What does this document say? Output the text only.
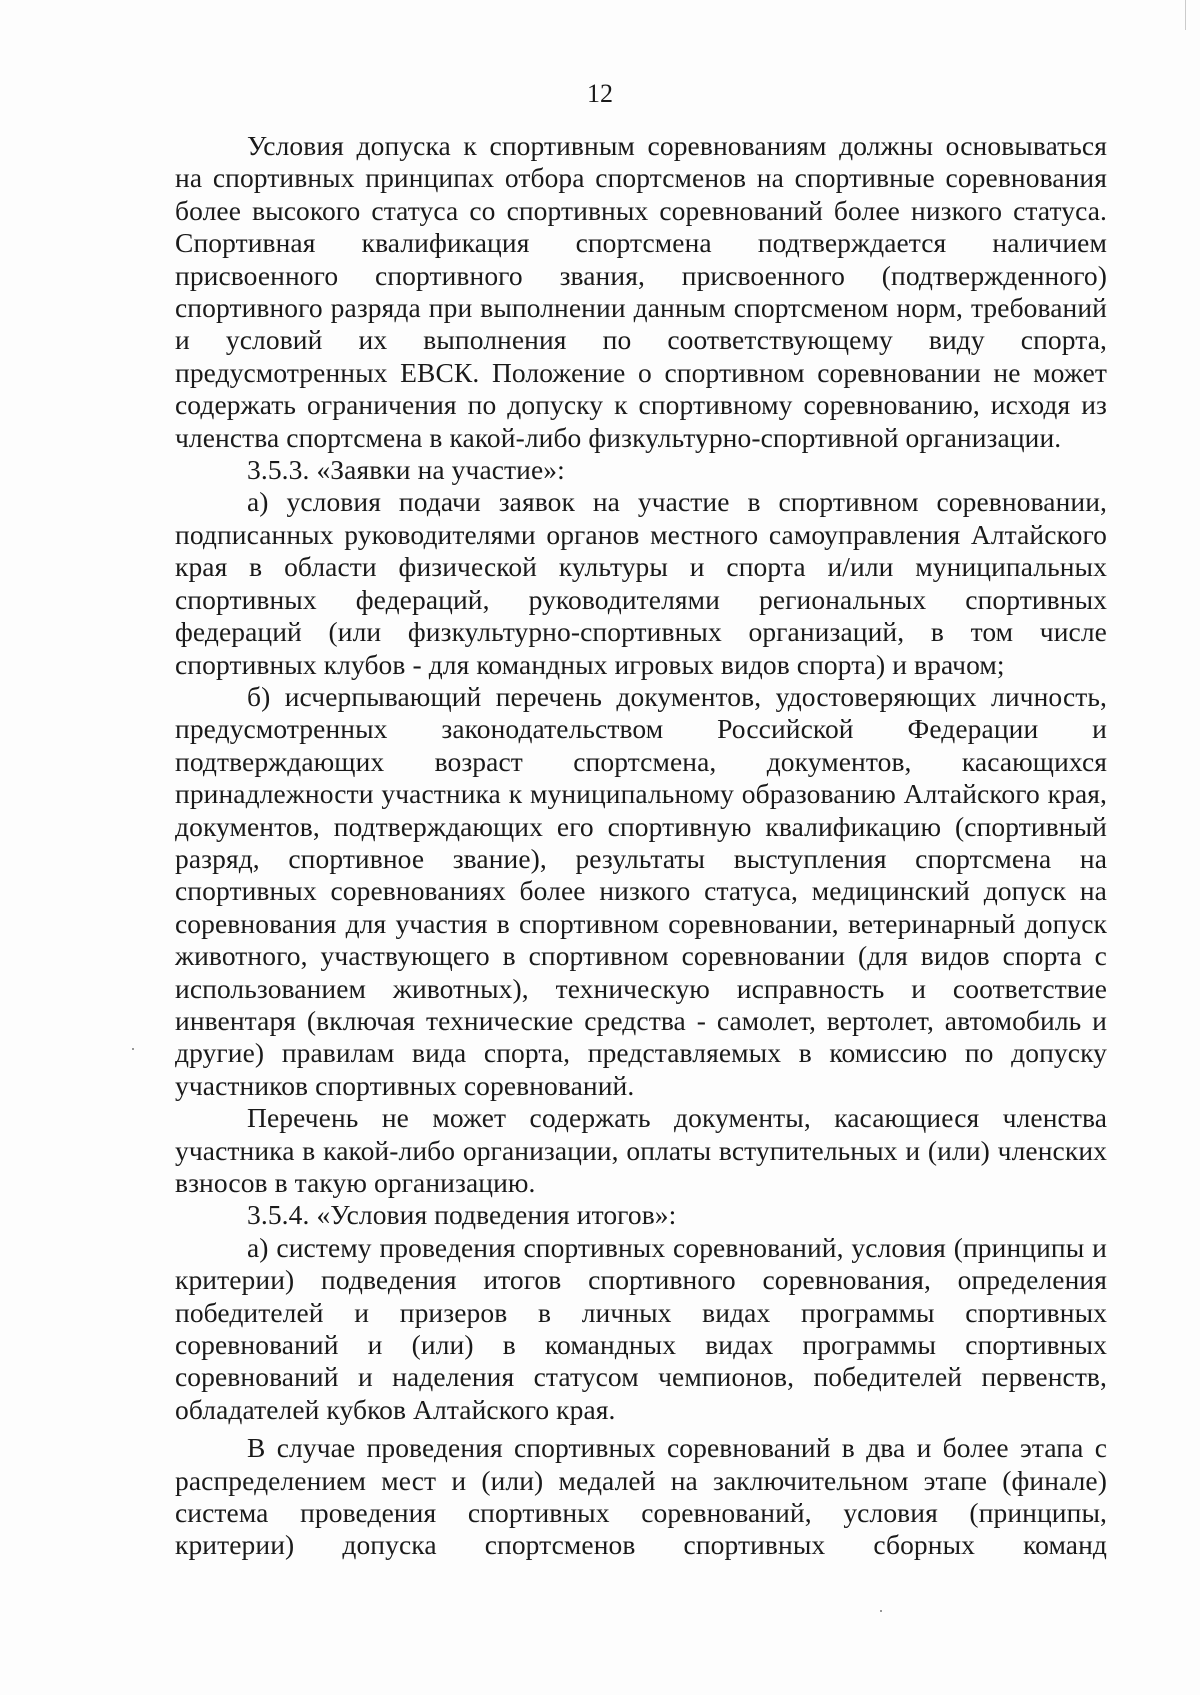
12

Условия допуска к спортивным соревнованиям должны основываться на спортивных принципах отбора спортсменов на спортивные соревнования более высокого статуса со спортивных соревнований более низкого статуса. Спортивная квалификация спортсмена подтверждается наличием присвоенного спортивного звания, присвоенного (подтвержденного) спортивного разряда при выполнении данным спортсменом норм, требований и условий их выполнения по соответствующему виду спорта, предусмотренных ЕВСК. Положение о спортивном соревновании не может содержать ограничения по допуску к спортивному соревнованию, исходя из членства спортсмена в какой-либо физкультурно-спортивной организации.

3.5.3. «Заявки на участие»:

а) условия подачи заявок на участие в спортивном соревновании, подписанных руководителями органов местного самоуправления Алтайского края в области физической культуры и спорта и/или муниципальных спортивных федераций, руководителями региональных спортивных федераций (или физкультурно-спортивных организаций, в том числе спортивных клубов - для командных игровых видов спорта) и врачом;

б) исчерпывающий перечень документов, удостоверяющих личность, предусмотренных законодательством Российской Федерации и подтверждающих возраст спортсмена, документов, касающихся принадлежности участника к муниципальному образованию Алтайского края, документов, подтверждающих его спортивную квалификацию (спортивный разряд, спортивное звание), результаты выступления спортсмена на спортивных соревнованиях более низкого статуса, медицинский допуск на соревнования для участия в спортивном соревновании, ветеринарный допуск животного, участвующего в спортивном соревновании (для видов спорта с использованием животных), техническую исправность и соответствие инвентаря (включая технические средства - самолет, вертолет, автомобиль и другие) правилам вида спорта, представляемых в комиссию по допуску участников спортивных соревнований.

Перечень не может содержать документы, касающиеся членства участника в какой-либо организации, оплаты вступительных и (или) членских взносов в такую организацию.

3.5.4. «Условия подведения итогов»:

а) систему проведения спортивных соревнований, условия (принципы и критерии) подведения итогов спортивного соревнования, определения победителей и призеров в личных видах программы спортивных соревнований и (или) в командных видах программы спортивных соревнований и наделения статусом чемпионов, победителей первенств, обладателей кубков Алтайского края.

В случае проведения спортивных соревнований в два и более этапа с распределением мест и (или) медалей на заключительном этапе (финале) система проведения спортивных соревнований, условия (принципы, критерии) допуска спортсменов спортивных сборных команд
